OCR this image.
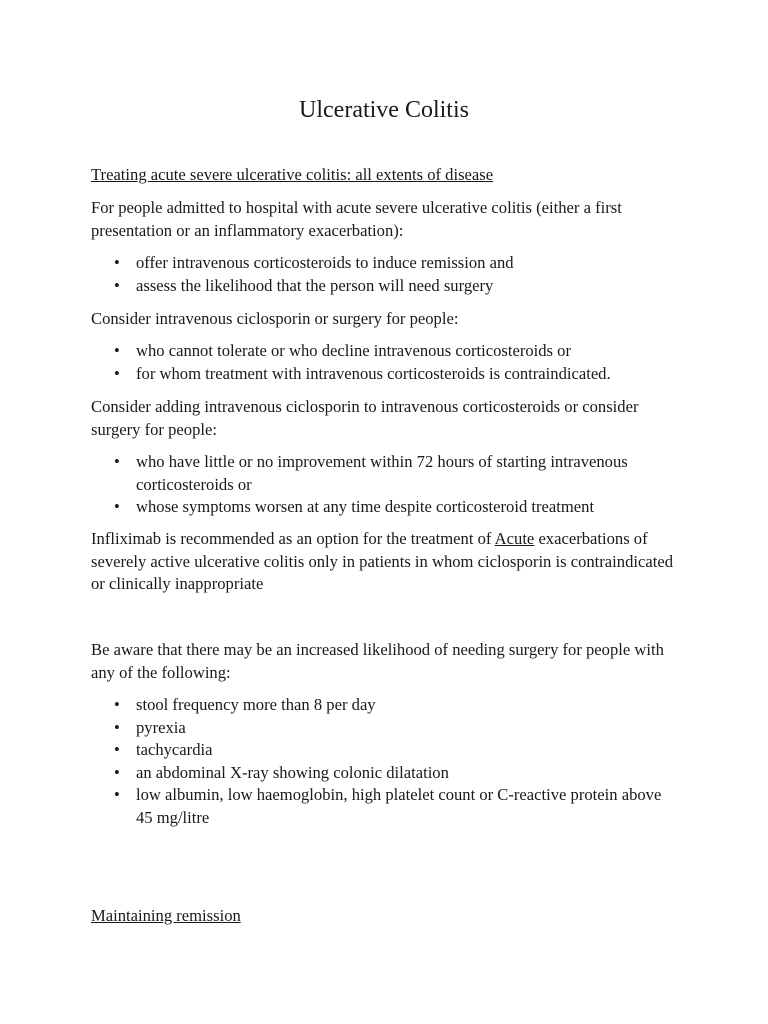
Ulcerative Colitis

Treating acute severe ulcerative colitis: all extents of disease

For people admitted to hospital with acute severe ulcerative colitis (either a first presentation or an inflammatory exacerbation):

• offer intravenous corticosteroids to induce remission and
• assess the likelihood that the person will need surgery

Consider intravenous ciclosporin or surgery for people:

• who cannot tolerate or who decline intravenous corticosteroids or
• for whom treatment with intravenous corticosteroids is contraindicated.

Consider adding intravenous ciclosporin to intravenous corticosteroids or consider surgery for people:

• who have little or no improvement within 72 hours of starting intravenous corticosteroids or
• whose symptoms worsen at any time despite corticosteroid treatment

Infliximab is recommended as an option for the treatment of Acute exacerbations of severely active ulcerative colitis only in patients in whom ciclosporin is contraindicated or clinically inappropriate

Be aware that there may be an increased likelihood of needing surgery for people with any of the following:

• stool frequency more than 8 per day
• pyrexia
• tachycardia
• an abdominal X-ray showing colonic dilatation
• low albumin, low haemoglobin, high platelet count or C-reactive protein above 45 mg/litre

Maintaining remission
